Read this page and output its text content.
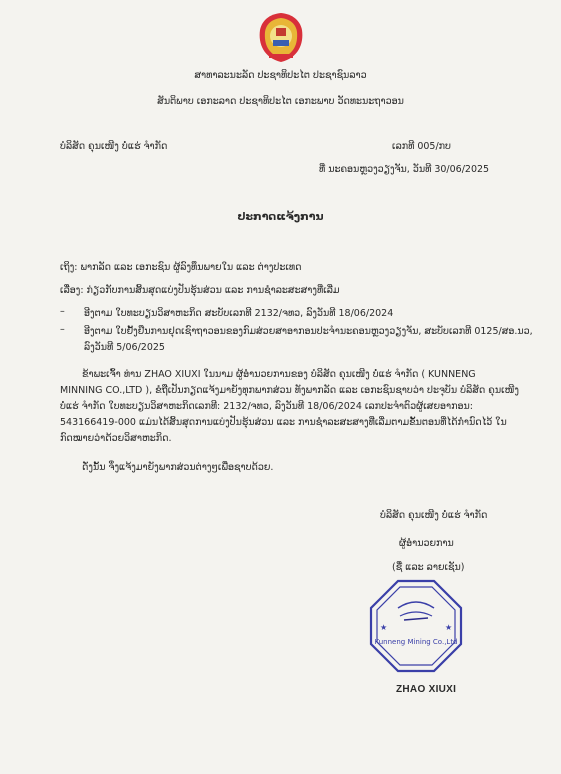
ສາທາລະນະລັດ ປະຊາທິປະໄຕ ປະຊາຊົນລາວ
ສັນຕິພາບ ເອກະລາດ ປະຊາທິປະໄຕ ເອກະພາບ ວັດທະນະຖາວອນ
ບໍລິສັດ ຄຸນເໜີງ ບໍ່ແຮ່ ຈໍາກັດ	ເລກທີ 005/ກບ
ທີ່ ນະຄອນຫຼວງວຽງຈັນ, ວັນທີ 30/06/2025
ປະກາດແຈ້ງການ
ເຖິງ: ພາກລັດ ແລະ ເອກະຊົນ ຜູ້ລົງທຶນພາຍໃນ ແລະ ຕ່າງປະເທດ
ເລື່ອງ: ກ່ຽວກັບການສິ້ນສຸດແບ່ງປັນຮຸ້ນສ່ວນ ແລະ ການຊໍາລະສະສາງທີ່ເລີ່ມ
– ອີງຕາມ ໃບທະບຽນວິສາຫະກິດ ສະບັບເລກທີ 2132/ຈທວ, ລົງວັນທີ 18/06/2024
– ອີງຕາມ ໃບຢັ້ງຢືນການຢຸດເຊົາຖາວອນຂອງກົມສ່ວຍສາອາກອນປະຈຳນະຄອນຫຼວງວຽງຈັນ, ສະບັບເລກທີ 0125/ສອ.ນວ, ລົງວັນທີ 5/06/2025
ຂ້າພະເຈົ້າ ທ່ານ ZHAO XIUXI ໃນນາມ ຜູ້ອໍານວຍການຂອງ ບໍລິສັດ ຄຸນເໜີງ ບໍ່ແຮ່ ຈໍາກັດ ( KUNNENG MINNING CO.,LTD ), ຂໍຖືເປັນກຽດແຈ້ງມາຍັງທຸກພາກສ່ວນ ທັງພາກລັດ ແລະ ເອກະຊົນຊາບວ່າ ປະຈຸບັນ ບໍລິສັດ ຄຸນເໜີງ ບໍ່ແຮ່ ຈໍາກັດ ໃບທະບຽນວິສາຫະກິດເລກທີ: 2132/ຈທວ, ລົງວັນທີ 18/06/2024 ເລກປະຈໍາຕົວຜູ້ເສຍອາກອນ: 543166419-000 ແມ່ນໄດ້ສິ້ນສຸດການແບ່ງປັນຮຸ້ນສ່ວນ ແລະ ການຊໍາລະສະສາງທີ່ເລີ່ມຕາມຂັ້ນຕອນທີ່ໄດ້ກໍານົດໄວ້ ໃນກົດໝາຍວ່າດ້ວຍວິສາຫະກິດ.
ດັ່ງນັ້ນ ຈຶ່ງແຈ້ງມາຍັງພາກສ່ວນຕ່າງໆເພື່ອຊາບດ້ວຍ.
ບໍລິສັດ ຄຸນເໜີງ ບໍ່ແຮ່ ຈໍາກັດ
ຜູ້ອໍານວຍການ
(ຊື່ ແລະ ລາຍເຊັນ)
★	★
Kunneng Mining Co.,Ltd
ZHAO XIUXI
